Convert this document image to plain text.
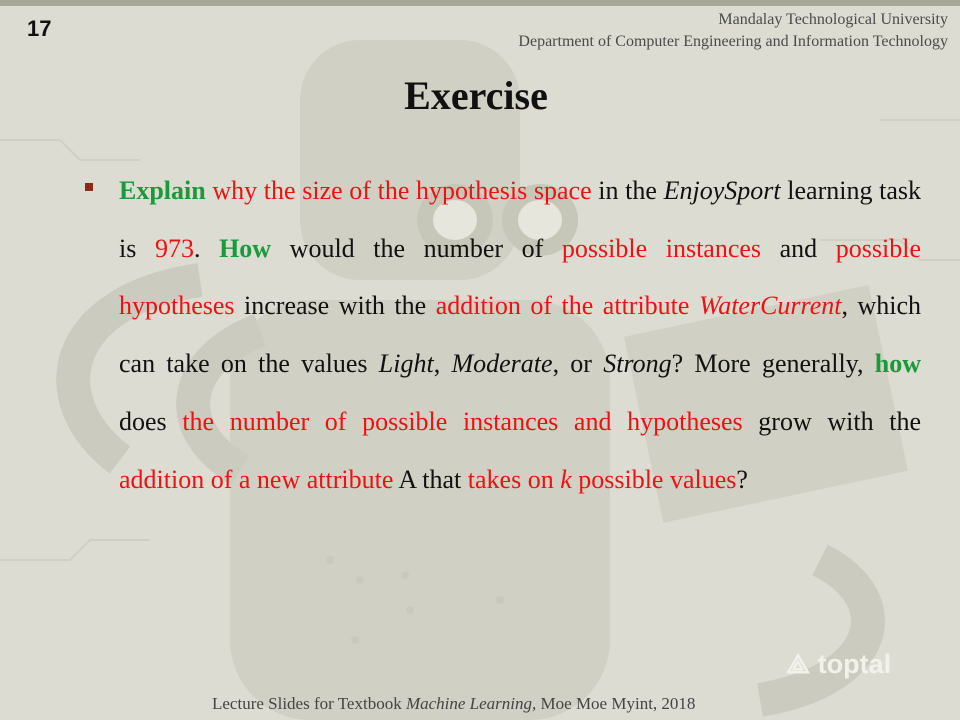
17	Mandalay Technological University
Department of Computer Engineering and Information Technology
Exercise
Explain why the size of the hypothesis space in the EnjoySport learning task is 973. How would the number of possible instances and possible hypotheses increase with the addition of the attribute WaterCurrent, which can take on the values Light, Moderate, or Strong? More generally, how does the number of possible instances and hypotheses grow with the addition of a new attribute A that takes on k possible values?
⟁ toptal
Lecture Slides for Textbook Machine Learning, Moe Moe Myint, 2018
